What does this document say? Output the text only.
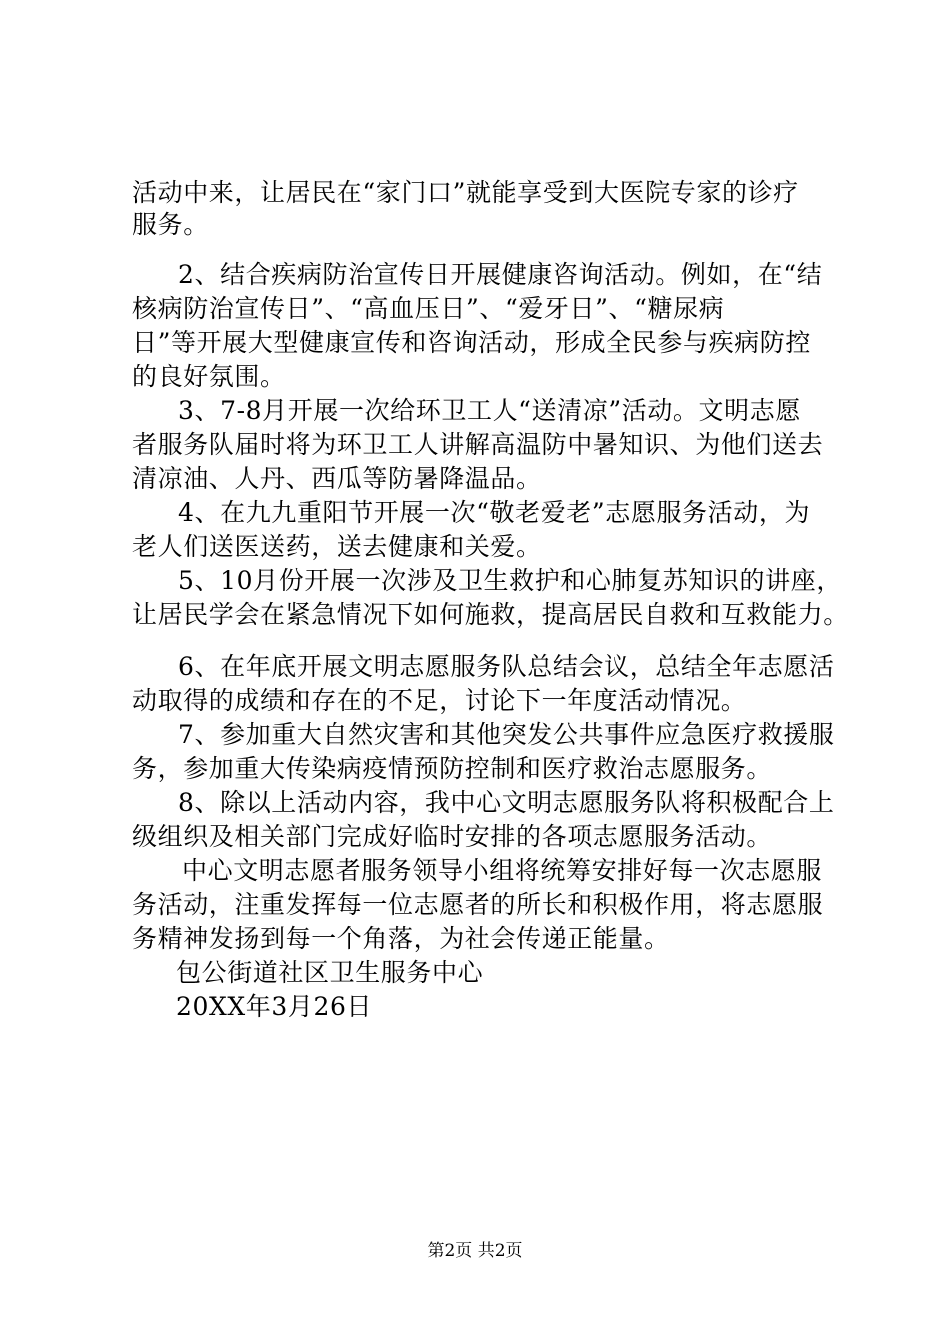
活动中来，让居民在“家门口”就能享受到大医院专家的诊疗
服务。
2、结合疾病防治宣传日开展健康咨询活动。例如，在“结
核病防治宣传日”、“高血压日”、“爱牙日”、“糖尿病
日”等开展大型健康宣传和咨询活动，形成全民参与疾病防控
的良好氛围。
3、7-8月开展一次给环卫工人“送清凉”活动。文明志愿
者服务队届时将为环卫工人讲解高温防中暑知识、为他们送去
清凉油、人丹、西瓜等防暑降温品。
4、在九九重阳节开展一次“敬老爱老”志愿服务活动，为
老人们送医送药，送去健康和关爱。
5、10月份开展一次涉及卫生救护和心肺复苏知识的讲座，
让居民学会在紧急情况下如何施救，提高居民自救和互救能力。
6、在年底开展文明志愿服务队总结会议，总结全年志愿活
动取得的成绩和存在的不足，讨论下一年度活动情况。
7、参加重大自然灾害和其他突发公共事件应急医疗救援服
务，参加重大传染病疫情预防控制和医疗救治志愿服务。
8、除以上活动内容，我中心文明志愿服务队将积极配合上
级组织及相关部门完成好临时安排的各项志愿服务活动。
中心文明志愿者服务领导小组将统筹安排好每一次志愿服
务活动，注重发挥每一位志愿者的所长和积极作用，将志愿服
务精神发扬到每一个角落，为社会传递正能量。
包公街道社区卫生服务中心
20XX年3月26日
第2页 共2页
